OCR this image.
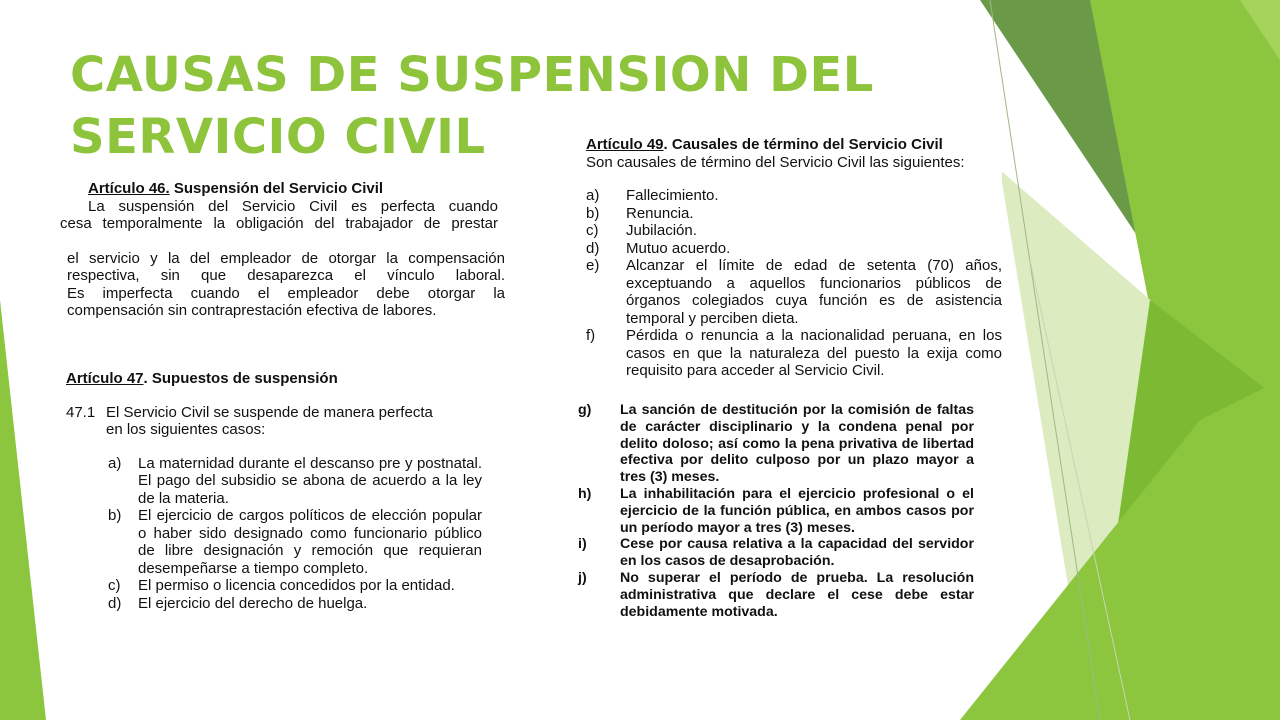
CAUSAS DE SUSPENSION DEL
SERVICIO CIVIL

Artículo 46. Suspensión del Servicio Civil

La suspensión del Servicio Civil es perfecta cuando

cesa temporalmente la obligación del trabajador de prestar

el servicio y la del empleador de otorgar la compensación

respectiva, sin que desaparezca el vínculo laboral.

Es imperfecta cuando el empleador debe otorgar la

compensación sin contraprestación efectiva de labores.

Artículo 47. Supuestos de suspensión

47.1 El Servicio Civil se suspende de manera perfecta

en los siguientes casos:

a)	La maternidad durante el descanso pre y postnatal. El pago del subsidio se abona de acuerdo a la ley de la materia.
b)	El ejercicio de cargos políticos de elección popular o haber sido designado como funcionario público de libre designación y remoción que requieran desempeñarse a tiempo completo.
c)	El permiso o licencia concedidos por la entidad.
d)	El ejercicio del derecho de huelga.

Artículo 49. Causales de término del Servicio Civil

Son causales de término del Servicio Civil las siguientes:

a)	Fallecimiento.
b)	Renuncia.
c)	Jubilación.
d)	Mutuo acuerdo.
e)	Alcanzar el límite de edad de setenta (70) años, exceptuando a aquellos funcionarios públicos de órganos colegiados cuya función es de asistencia temporal y perciben dieta.
f)	Pérdida o renuncia a la nacionalidad peruana, en los casos en que la naturaleza del puesto la exija como requisito para acceder al Servicio Civil.
g)	La sanción de destitución por la comisión de faltas de carácter disciplinario y la condena penal por delito doloso; así como la pena privativa de libertad efectiva por delito culposo por un plazo mayor a tres (3) meses.
h)	La inhabilitación para el ejercicio profesional o el ejercicio de la función pública, en ambos casos por un período mayor a tres (3) meses.
i)	Cese por causa relativa a la capacidad del servidor en los casos de desaprobación.
j)	No superar el período de prueba. La resolución administrativa que declare el cese debe estar debidamente motivada.
